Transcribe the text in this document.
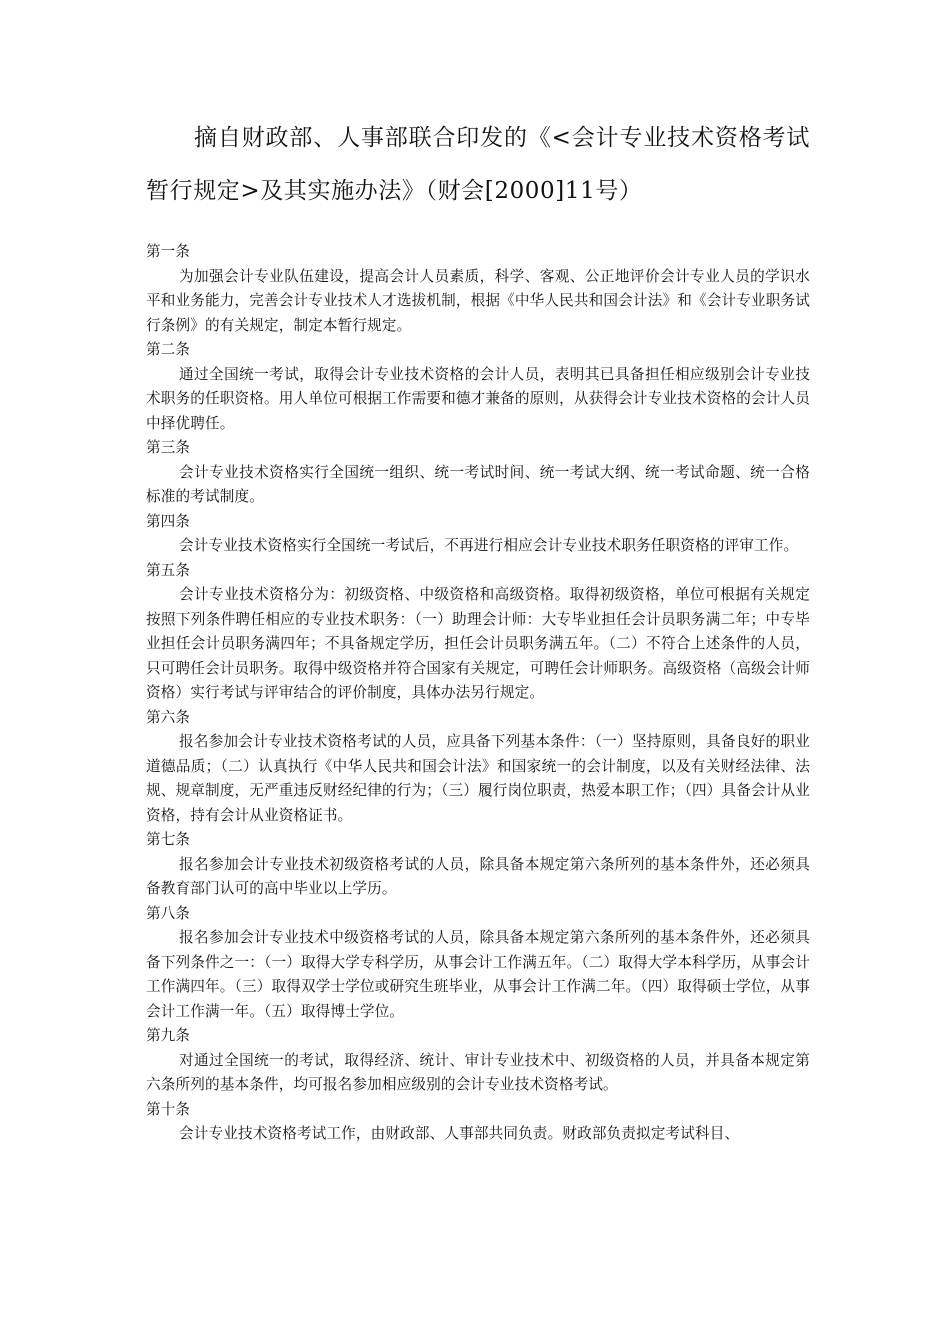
摘自财政部、人事部联合印发的《<会计专业技术资格考试暂行规定>及其实施办法》（财会[2000]11号）

第一条

为加强会计专业队伍建设，提高会计人员素质，科学、客观、公正地评价会计专业人员的学识水平和业务能力，完善会计专业技术人才选拔机制，根据《中华人民共和国会计法》和《会计专业职务试行条例》的有关规定，制定本暂行规定。

第二条

通过全国统一考试，取得会计专业技术资格的会计人员，表明其已具备担任相应级别会计专业技术职务的任职资格。用人单位可根据工作需要和德才兼备的原则，从获得会计专业技术资格的会计人员中择优聘任。

第三条

会计专业技术资格实行全国统一组织、统一考试时间、统一考试大纲、统一考试命题、统一合格标准的考试制度。

第四条

会计专业技术资格实行全国统一考试后，不再进行相应会计专业技术职务任职资格的评审工作。

第五条

会计专业技术资格分为：初级资格、中级资格和高级资格。取得初级资格，单位可根据有关规定按照下列条件聘任相应的专业技术职务：（一）助理会计师：大专毕业担任会计员职务满二年；中专毕业担任会计员职务满四年；不具备规定学历，担任会计员职务满五年。（二）不符合上述条件的人员，只可聘任会计员职务。取得中级资格并符合国家有关规定，可聘任会计师职务。高级资格（高级会计师资格）实行考试与评审结合的评价制度，具体办法另行规定。

第六条

报名参加会计专业技术资格考试的人员，应具备下列基本条件：（一）坚持原则，具备良好的职业道德品质；（二）认真执行《中华人民共和国会计法》和国家统一的会计制度，以及有关财经法律、法规、规章制度，无严重违反财经纪律的行为；（三）履行岗位职责，热爱本职工作；（四）具备会计从业资格，持有会计从业资格证书。

第七条

报名参加会计专业技术初级资格考试的人员，除具备本规定第六条所列的基本条件外，还必须具备教育部门认可的高中毕业以上学历。

第八条

报名参加会计专业技术中级资格考试的人员，除具备本规定第六条所列的基本条件外，还必须具备下列条件之一：（一）取得大学专科学历，从事会计工作满五年。（二）取得大学本科学历，从事会计工作满四年。（三）取得双学士学位或研究生班毕业，从事会计工作满二年。（四）取得硕士学位，从事会计工作满一年。（五）取得博士学位。

第九条

对通过全国统一的考试，取得经济、统计、审计专业技术中、初级资格的人员，并具备本规定第六条所列的基本条件，均可报名参加相应级别的会计专业技术资格考试。

第十条

会计专业技术资格考试工作，由财政部、人事部共同负责。财政部负责拟定考试科目、
